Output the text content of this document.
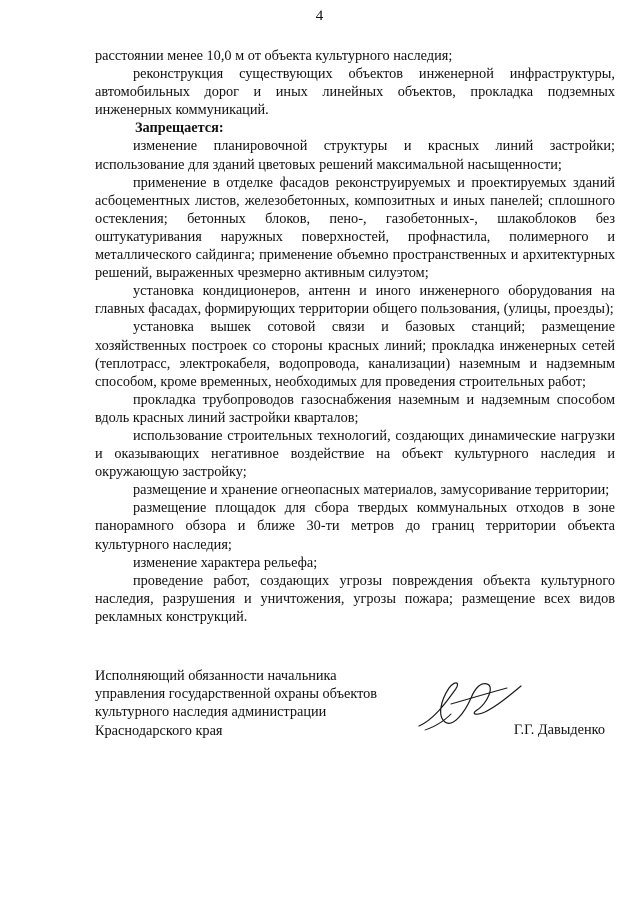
4

расстоянии менее 10,0 м от объекта культурного наследия;

реконструкция существующих объектов инженерной инфраструктуры, автомобильных дорог и иных линейных объектов, прокладка подземных инженерных коммуникаций.

Запрещается:

изменение планировочной структуры и красных линий застройки; использование для зданий цветовых решений максимальной насыщенности;

применение в отделке фасадов реконструируемых и проектируемых зданий асбоцементных листов, железобетонных, композитных и иных панелей; сплошного остекления; бетонных блоков, пено-, газобетонных-, шлакоблоков без оштукатуривания наружных поверхностей, профнастила, полимерного и металлического сайдинга; применение объемно пространственных и архитектурных решений, выраженных чрезмерно активным силуэтом;

установка кондиционеров, антенн и иного инженерного оборудования на главных фасадах, формирующих территории общего пользования, (улицы, проезды);

установка вышек сотовой связи и базовых станций; размещение хозяйственных построек со стороны красных линий; прокладка инженерных сетей (теплотрасс, электрокабеля, водопровода, канализации) наземным и надземным способом, кроме временных, необходимых для проведения строительных работ;

прокладка трубопроводов газоснабжения наземным и надземным способом вдоль красных линий застройки кварталов;

использование строительных технологий, создающих динамические нагрузки и оказывающих негативное воздействие на объект культурного наследия и окружающую застройку;

размещение и хранение огнеопасных материалов, замусоривание территории;

размещение площадок для сбора твердых коммунальных отходов в зоне панорамного обзора и ближе 30-ти метров до границ территории объекта культурного наследия;

изменение характера рельефа;

проведение работ, создающих угрозы повреждения объекта культурного наследия, разрушения и уничтожения, угрозы пожара; размещение всех видов рекламных конструкций.

Исполняющий обязанности начальника

управления государственной охраны объектов

культурного наследия администрации

Краснодарского края	Г.Г. Давыденко
